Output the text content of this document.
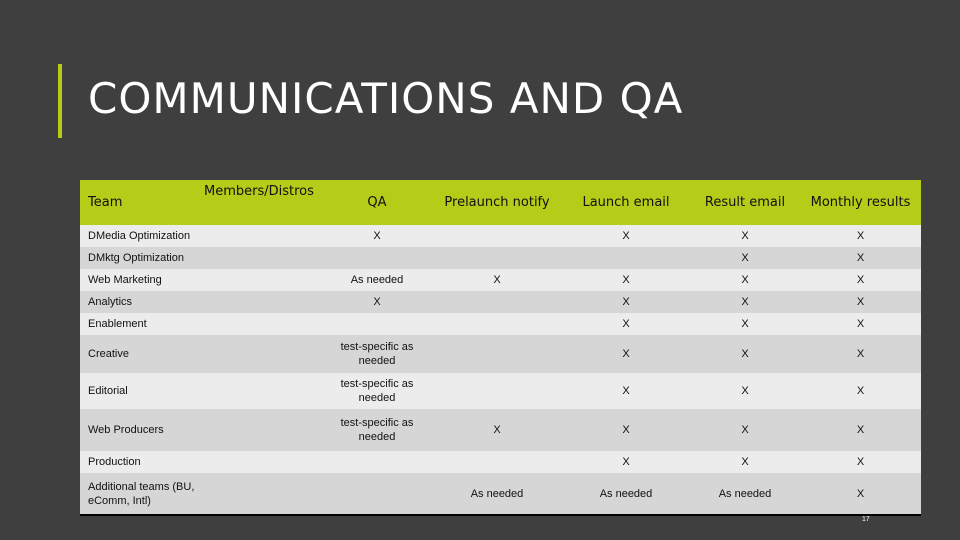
COMMUNICATIONS AND QA
Team	Members/Distros	QA	Prelaunch notify	Launch email	Result email	Monthly results
DMedia Optimization		X		X	X	X
DMktg Optimization					X	X
Web Marketing		As needed	X	X	X	X
Analytics		X		X	X	X
Enablement				X	X	X
Creative		test-specific as needed		X	X	X
Editorial		test-specific as needed		X	X	X
Web Producers		test-specific as needed	X	X	X	X
Production				X	X	X
Additional teams (BU, eComm, Intl)			As needed	As needed	As needed	X
17
